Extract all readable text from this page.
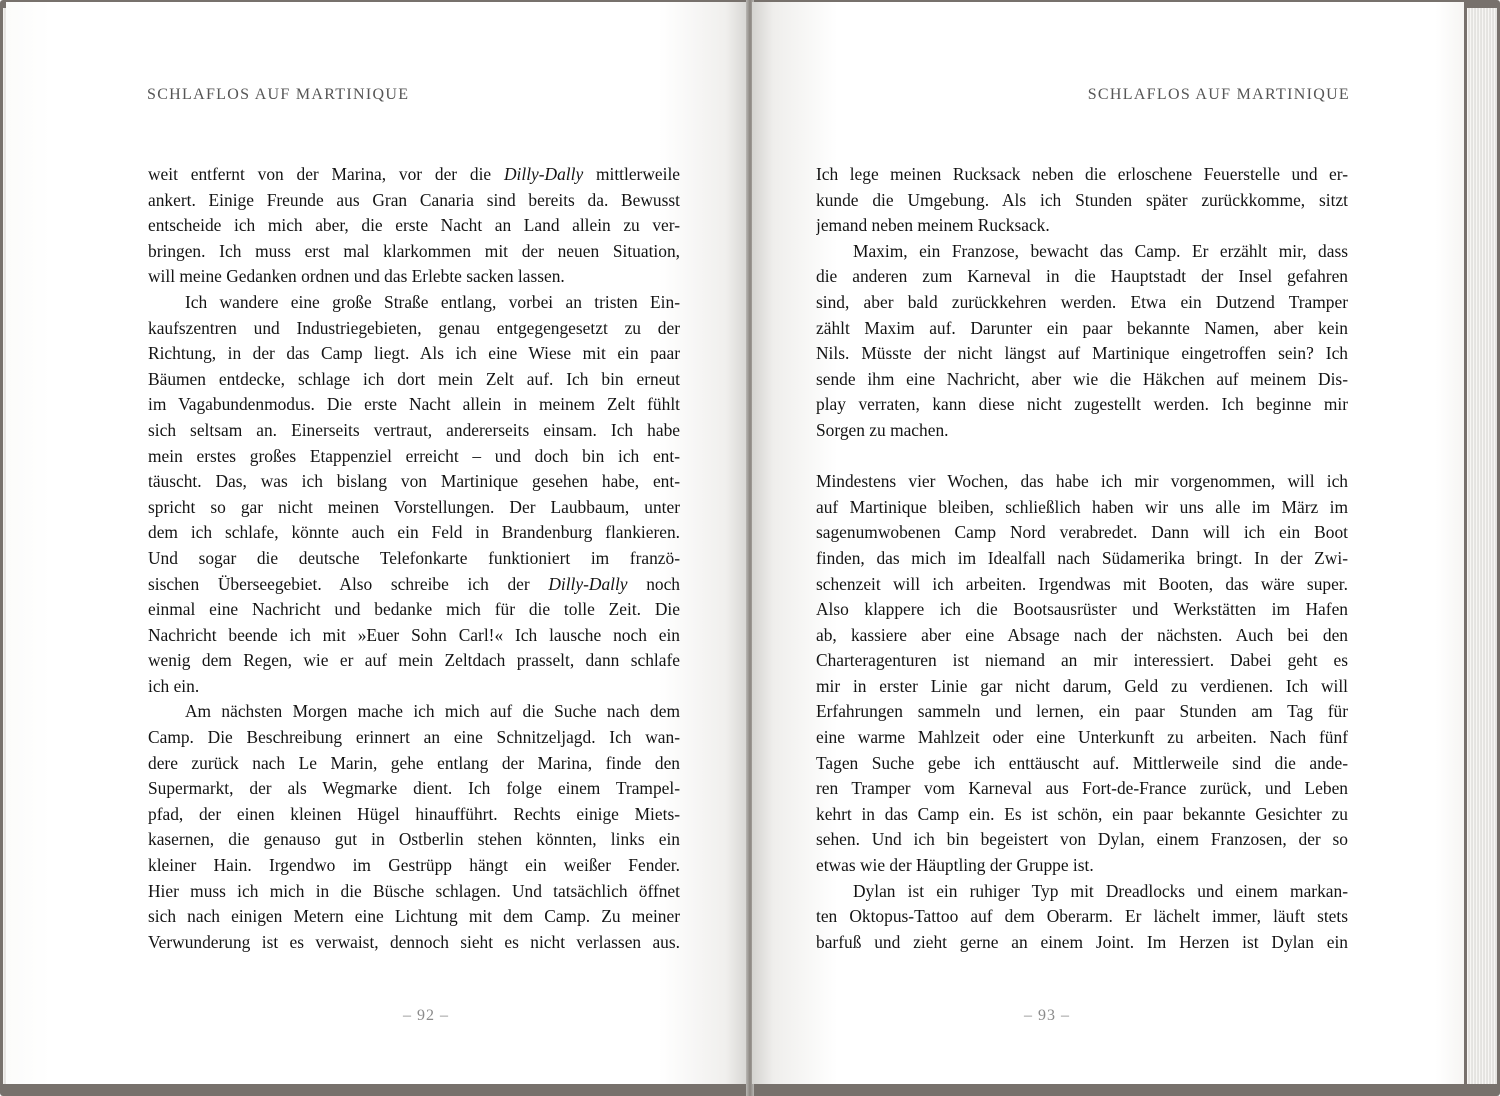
SCHLAFLOS AUF MARTINIQUE
weit entfernt von der Marina, vor der die Dilly-Dally mittlerweile
ankert. Einige Freunde aus Gran Canaria sind bereits da. Bewusst
entscheide ich mich aber, die erste Nacht an Land allein zu ver-
bringen. Ich muss erst mal klarkommen mit der neuen Situation,
will meine Gedanken ordnen und das Erlebte sacken lassen.
Ich wandere eine große Straße entlang, vorbei an tristen Ein-
kaufszentren und Industriegebieten, genau entgegengesetzt zu der
Richtung, in der das Camp liegt. Als ich eine Wiese mit ein paar
Bäumen entdecke, schlage ich dort mein Zelt auf. Ich bin erneut
im Vagabundenmodus. Die erste Nacht allein in meinem Zelt fühlt
sich seltsam an. Einerseits vertraut, andererseits einsam. Ich habe
mein erstes großes Etappenziel erreicht – und doch bin ich ent-
täuscht. Das, was ich bislang von Martinique gesehen habe, ent-
spricht so gar nicht meinen Vorstellungen. Der Laubbaum, unter
dem ich schlafe, könnte auch ein Feld in Brandenburg flankieren.
Und sogar die deutsche Telefonkarte funktioniert im franzö-
sischen Überseegebiet. Also schreibe ich der Dilly-Dally noch
einmal eine Nachricht und bedanke mich für die tolle Zeit. Die
Nachricht beende ich mit »Euer Sohn Carl!« Ich lausche noch ein
wenig dem Regen, wie er auf mein Zeltdach prasselt, dann schlafe
ich ein.
Am nächsten Morgen mache ich mich auf die Suche nach dem
Camp. Die Beschreibung erinnert an eine Schnitzeljagd. Ich wan-
dere zurück nach Le Marin, gehe entlang der Marina, finde den
Supermarkt, der als Wegmarke dient. Ich folge einem Trampel-
pfad, der einen kleinen Hügel hinaufführt. Rechts einige Miets-
kasernen, die genauso gut in Ostberlin stehen könnten, links ein
kleiner Hain. Irgendwo im Gestrüpp hängt ein weißer Fender.
Hier muss ich mich in die Büsche schlagen. Und tatsächlich öffnet
sich nach einigen Metern eine Lichtung mit dem Camp. Zu meiner
Verwunderung ist es verwaist, dennoch sieht es nicht verlassen aus.
– 92 –
SCHLAFLOS AUF MARTINIQUE
Ich lege meinen Rucksack neben die erloschene Feuerstelle und er-
kunde die Umgebung. Als ich Stunden später zurückkomme, sitzt
jemand neben meinem Rucksack.
Maxim, ein Franzose, bewacht das Camp. Er erzählt mir, dass
die anderen zum Karneval in die Hauptstadt der Insel gefahren
sind, aber bald zurückkehren werden. Etwa ein Dutzend Tramper
zählt Maxim auf. Darunter ein paar bekannte Namen, aber kein
Nils. Müsste der nicht längst auf Martinique eingetroffen sein? Ich
sende ihm eine Nachricht, aber wie die Häkchen auf meinem Dis-
play verraten, kann diese nicht zugestellt werden. Ich beginne mir
Sorgen zu machen.
Mindestens vier Wochen, das habe ich mir vorgenommen, will ich
auf Martinique bleiben, schließlich haben wir uns alle im März im
sagenumwobenen Camp Nord verabredet. Dann will ich ein Boot
finden, das mich im Idealfall nach Südamerika bringt. In der Zwi-
schenzeit will ich arbeiten. Irgendwas mit Booten, das wäre super.
Also klappere ich die Bootsausrüster und Werkstätten im Hafen
ab, kassiere aber eine Absage nach der nächsten. Auch bei den
Charteragenturen ist niemand an mir interessiert. Dabei geht es
mir in erster Linie gar nicht darum, Geld zu verdienen. Ich will
Erfahrungen sammeln und lernen, ein paar Stunden am Tag für
eine warme Mahlzeit oder eine Unterkunft zu arbeiten. Nach fünf
Tagen Suche gebe ich enttäuscht auf. Mittlerweile sind die ande-
ren Tramper vom Karneval aus Fort-de-France zurück, und Leben
kehrt in das Camp ein. Es ist schön, ein paar bekannte Gesichter zu
sehen. Und ich bin begeistert von Dylan, einem Franzosen, der so
etwas wie der Häuptling der Gruppe ist.
Dylan ist ein ruhiger Typ mit Dreadlocks und einem markan-
ten Oktopus-Tattoo auf dem Oberarm. Er lächelt immer, läuft stets
barfuß und zieht gerne an einem Joint. Im Herzen ist Dylan ein
– 93 –
